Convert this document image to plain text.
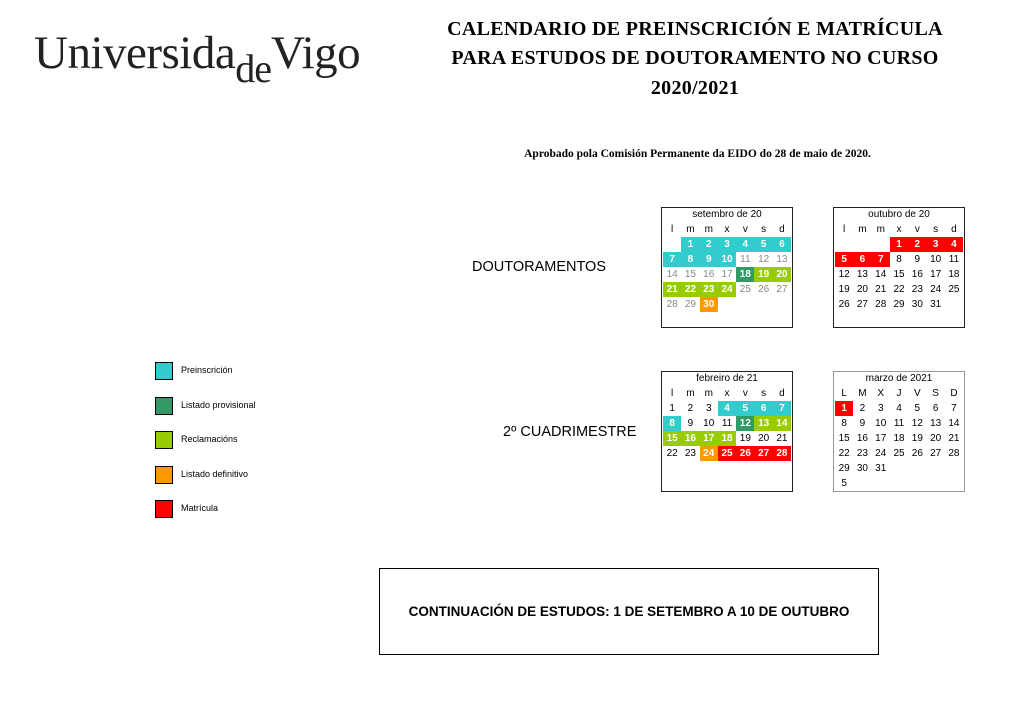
UniversidadeVigo	CALENDARIO DE PREINSCRICIÓN E MATRÍCULA
PARA ESTUDOS DE DOUTORAMENTO NO CURSO
2020/2021
Aprobado pola Comisión Permanente da EIDO do 28 de maio de 2020.
DOUTORAMENTOS
2º CUADRIMESTRE
setembro de 20
l	m	m	x	v	s	d
	1	2	3	4	5	6
7	8	9	10	11	12	13
14	15	16	17	18	19	20
21	22	23	24	25	26	27
28	29	30				
outubro de 20
l	m	m	x	v	s	d
			1	2	3	4
5	6	7	8	9	10	11
12	13	14	15	16	17	18
19	20	21	22	23	24	25
26	27	28	29	30	31	
febreiro de 21
l	m	m	x	v	s	d
1	2	3	4	5	6	7
8	9	10	11	12	13	14
15	16	17	18	19	20	21
22	23	24	25	26	27	28
marzo de 2021
L	M	X	J	V	S	D
1	2	3	4	5	6	7
8	9	10	11	12	13	14
15	16	17	18	19	20	21
22	23	24	25	26	27	28
29	30	31				
5						
Preinscrición
Listado provisional
Reclamacións
Listado definitivo
Matrícula
CONTINUACIÓN DE ESTUDOS: 1 DE SETEMBRO A 10 DE OUTUBRO
